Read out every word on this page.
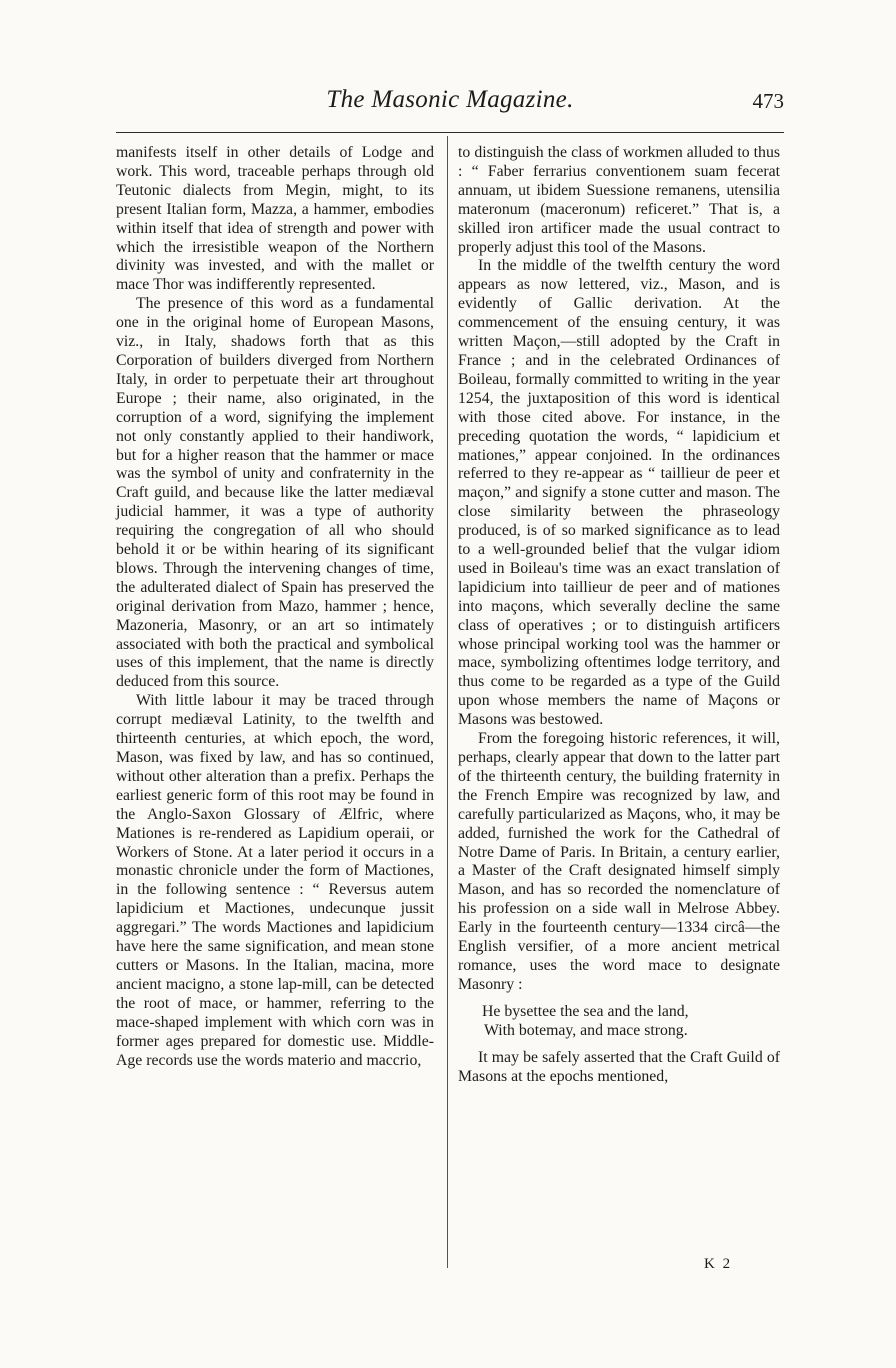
The Masonic Magazine.	473

manifests itself in other details of Lodge and work. This word, traceable perhaps through old Teutonic dialects from Megin, might, to its present Italian form, Mazza, a hammer, embodies within itself that idea of strength and power with which the irresistible weapon of the Northern divinity was invested, and with the mallet or mace Thor was indifferently represented.

The presence of this word as a fundamental one in the original home of European Masons, viz., in Italy, shadows forth that as this Corporation of builders diverged from Northern Italy, in order to perpetuate their art throughout Europe ; their name, also originated, in the corruption of a word, signifying the implement not only constantly applied to their handiwork, but for a higher reason that the hammer or mace was the symbol of unity and confraternity in the Craft guild, and because like the latter mediæval judicial hammer, it was a type of authority requiring the congregation of all who should behold it or be within hearing of its significant blows. Through the intervening changes of time, the adulterated dialect of Spain has preserved the original derivation from Mazo, hammer ; hence, Mazoneria, Masonry, or an art so intimately associated with both the practical and symbolical uses of this implement, that the name is directly deduced from this source.

With little labour it may be traced through corrupt mediæval Latinity, to the twelfth and thirteenth centuries, at which epoch, the word, Mason, was fixed by law, and has so continued, without other alteration than a prefix. Perhaps the earliest generic form of this root may be found in the Anglo-Saxon Glossary of Ælfric, where Mationes is re-rendered as Lapidium operaii, or Workers of Stone. At a later period it occurs in a monastic chronicle under the form of Mactiones, in the following sentence : “ Reversus autem lapidicium et Mactiones, undecunque jussit aggregari.” The words Mactiones and lapidicium have here the same signification, and mean stone cutters or Masons. In the Italian, macina, more ancient macigno, a stone lap-mill, can be detected the root of mace, or hammer, referring to the mace-shaped implement with which corn was in former ages prepared for domestic use. Middle-Age records use the words materio and maccrio,

to distinguish the class of workmen alluded to thus : “ Faber ferrarius conventionem suam fecerat annuam, ut ibidem Suessione remanens, utensilia materonum (maceronum) reficeret.” That is, a skilled iron artificer made the usual contract to properly adjust this tool of the Masons.

In the middle of the twelfth century the word appears as now lettered, viz., Mason, and is evidently of Gallic derivation. At the commencement of the ensuing century, it was written Maçon,—still adopted by the Craft in France ; and in the celebrated Ordinances of Boileau, formally committed to writing in the year 1254, the juxtaposition of this word is identical with those cited above. For instance, in the preceding quotation the words, “ lapidicium et mationes,” appear conjoined. In the ordinances referred to they re-appear as “ taillieur de peer et maçon,” and signify a stone cutter and mason. The close similarity between the phraseology produced, is of so marked significance as to lead to a well-grounded belief that the vulgar idiom used in Boileau's time was an exact translation of lapidicium into taillieur de peer and of mationes into maçons, which severally decline the same class of operatives ; or to distinguish artificers whose principal working tool was the hammer or mace, symbolizing oftentimes lodge territory, and thus come to be regarded as a type of the Guild upon whose members the name of Maçons or Masons was bestowed.

From the foregoing historic references, it will, perhaps, clearly appear that down to the latter part of the thirteenth century, the building fraternity in the French Empire was recognized by law, and carefully particularized as Maçons, who, it may be added, furnished the work for the Cathedral of Notre Dame of Paris. In Britain, a century earlier, a Master of the Craft designated himself simply Mason, and has so recorded the nomenclature of his profession on a side wall in Melrose Abbey. Early in the fourteenth century—1334 circâ—the English versifier, of a more ancient metrical romance, uses the word mace to designate Masonry :

He bysettee the sea and the land,
With botemay, and mace strong.

It may be safely asserted that the Craft Guild of Masons at the epochs mentioned,

K 2
